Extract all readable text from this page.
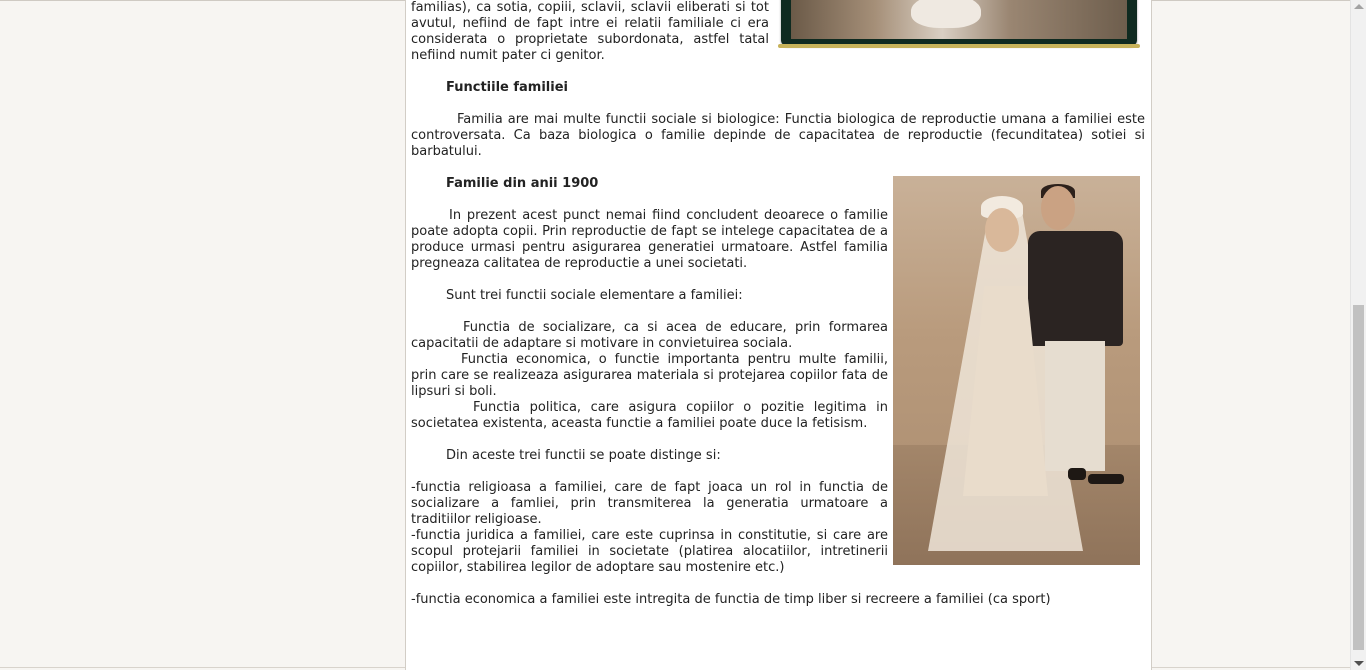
familias), ca sotia, copiii, sclavii, sclavii eliberati si tot avutul, nefiind de fapt intre ei relatii familiale ci era considerata o proprietate subordonata, astfel tatal nefiind numit pater ci genitor.

Functiile familiei

Familia are mai multe functii sociale si biologice: Functia biologica de reproductie umana a familiei este controversata. Ca baza biologica o familie depinde de capacitatea de reproductie (fecunditatea) sotiei si barbatului.

Familie din anii 1900

In prezent acest punct nemai fiind concludent deoarece o familie poate adopta copii. Prin reproductie de fapt se intelege capacitatea de a produce urmasi pentru asigurarea generatiei urmatoare. Astfel familia pregneaza calitatea de reproductie a unei societati.

Sunt trei functii sociale elementare a familiei:

Functia de socializare, ca si acea de educare, prin formarea capacitatii de adaptare si motivare in convietuirea sociala.

Functia economica, o functie importanta pentru multe familii, prin care se realizeaza asigurarea materiala si protejarea copiilor fata de lipsuri si boli.

Functia politica, care asigura copiilor o pozitie legitima in societatea existenta, aceasta functie a familiei poate duce la fetisism.

Din aceste trei functii se poate distinge si:

-functia religioasa a familiei, care de fapt joaca un rol in functia de socializare a famliei, prin transmiterea la generatia urmatoare a traditiilor religioase.

-functia juridica a familiei, care este cuprinsa in constitutie, si care are scopul protejarii familiei in societate (platirea alocatiilor, intretinerii copiilor, stabilirea legilor de adoptare sau mostenire etc.)

-functia economica a familiei este intregita de functia de timp liber si recreere a familiei (ca sport)
